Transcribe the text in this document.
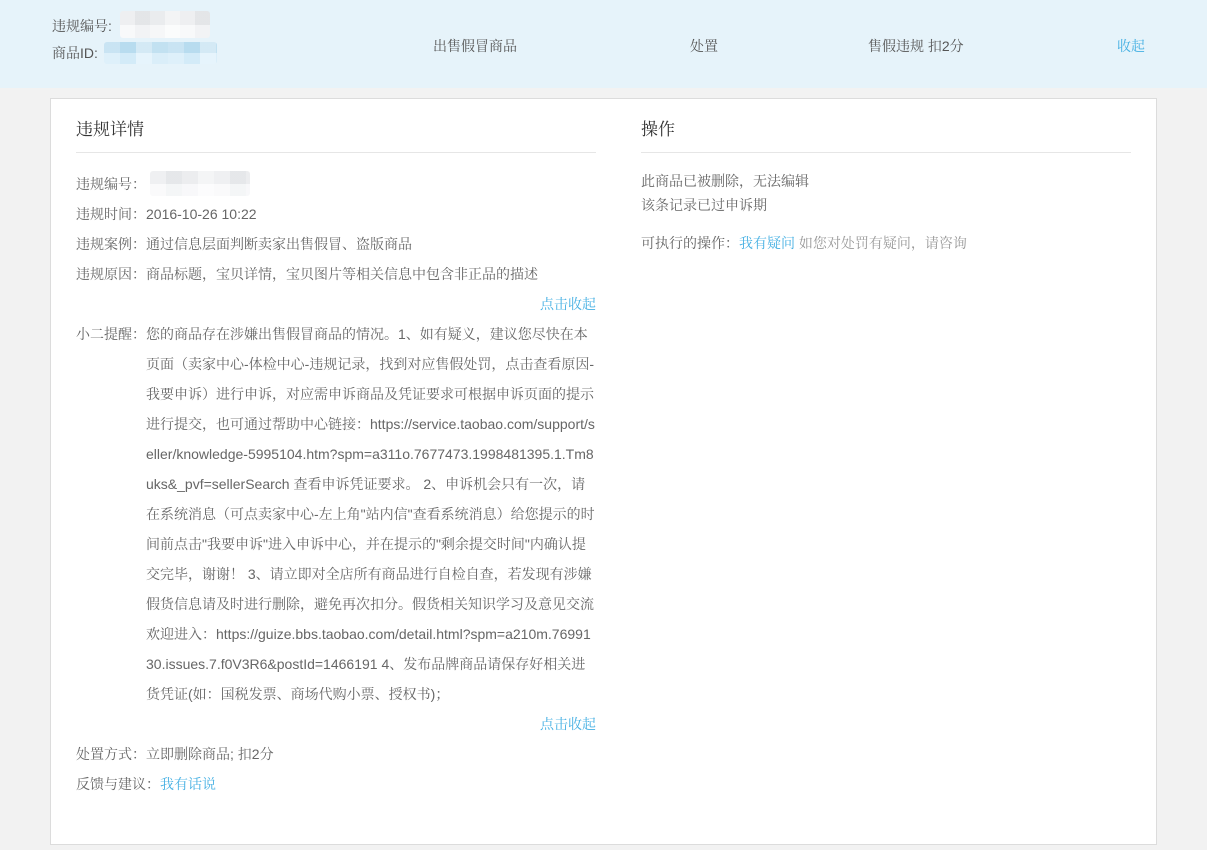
违规编号:
商品ID:	出售假冒商品	处置	售假违规 扣2分	收起
违规详情
违规编号：
违规时间： 2016-10-26 10:22
违规案例： 通过信息层面判断卖家出售假冒、盗版商品
违规原因： 商品标题，宝贝详情，宝贝图片等相关信息中包含非正品的描述
点击收起
小二提醒： 您的商品存在涉嫌出售假冒商品的情况。1、如有疑义，建议您尽快在本页面（卖家中心-体检中心-违规记录，找到对应售假处罚，点击查看原因-我要申诉）进行申诉，对应需申诉商品及凭证要求可根据申诉页面的提示进行提交，也可通过帮助中心链接：https://service.taobao.com/support/seller/knowledge-5995104.htm?spm=a311o.7677473.1998481395.1.Tm8uks&_pvf=sellerSearch 查看申诉凭证要求。 2、申诉机会只有一次，请在系统消息（可点卖家中心-左上角"站内信"查看系统消息）给您提示的时间前点击"我要申诉"进入申诉中心，并在提示的"剩余提交时间"内确认提交完毕，谢谢！ 3、请立即对全店所有商品进行自检自查，若发现有涉嫌假货信息请及时进行删除，避免再次扣分。假货相关知识学习及意见交流欢迎进入：https://guize.bbs.taobao.com/detail.html?spm=a210m.7699130.issues.7.f0V3R6&postId=1466191 4、发布品牌商品请保存好相关进货凭证(如：国税发票、商场代购小票、授权书)；
点击收起
处置方式： 立即删除商品; 扣2分
反馈与建议： 我有话说
操作
此商品已被删除，无法编辑
该条记录已过申诉期
可执行的操作：我有疑问 如您对处罚有疑问，请咨询
